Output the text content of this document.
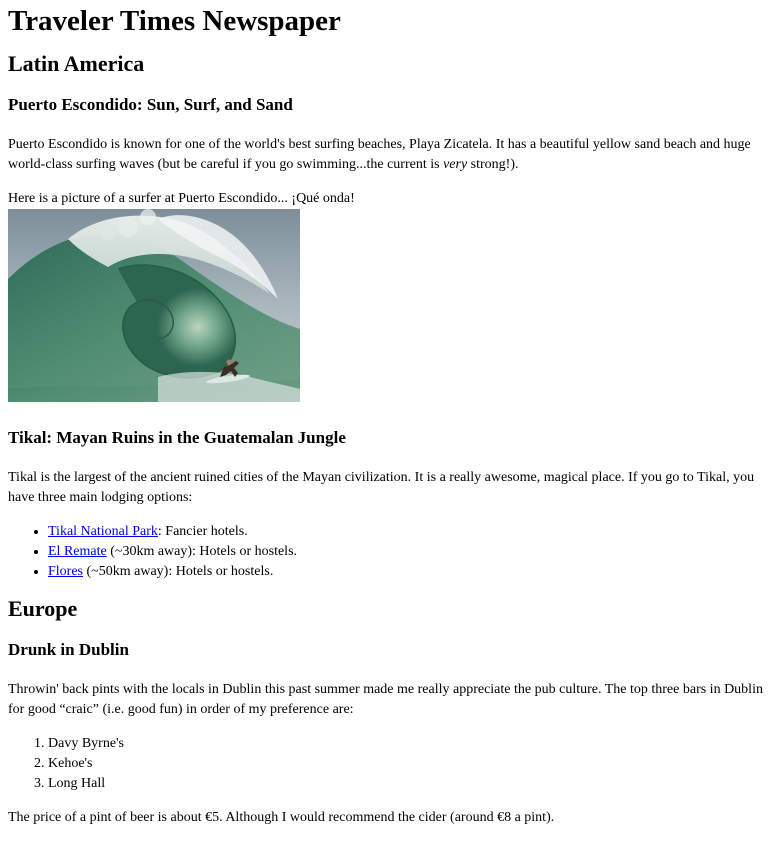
Traveler Times Newspaper
Latin America
Puerto Escondido: Sun, Surf, and Sand

Puerto Escondido is known for one of the world's best surfing beaches, Playa Zicatela. It has a beautiful yellow sand beach and huge world-class surfing waves (but be careful if you go swimming...the current is very strong!).

Here is a picture of a surfer at Puerto Escondido... ¡Qué onda!

Tikal: Mayan Ruins in the Guatemalan Jungle

Tikal is the largest of the ancient ruined cities of the Mayan civilization. It is a really awesome, magical place. If you go to Tikal, you have three main lodging options:

• Tikal National Park: Fancier hotels.
• El Remate (~30km away): Hotels or hostels.
• Flores (~50km away): Hotels or hostels.
Europe
Drunk in Dublin

Throwin' back pints with the locals in Dublin this past summer made me really appreciate the pub culture. The top three bars in Dublin for good “craic” (i.e. good fun) in order of my preference are:

1. Davy Byrne's
2. Kehoe's
3. Long Hall

The price of a pint of beer is about €5. Although I would recommend the cider (around €8 a pint).
